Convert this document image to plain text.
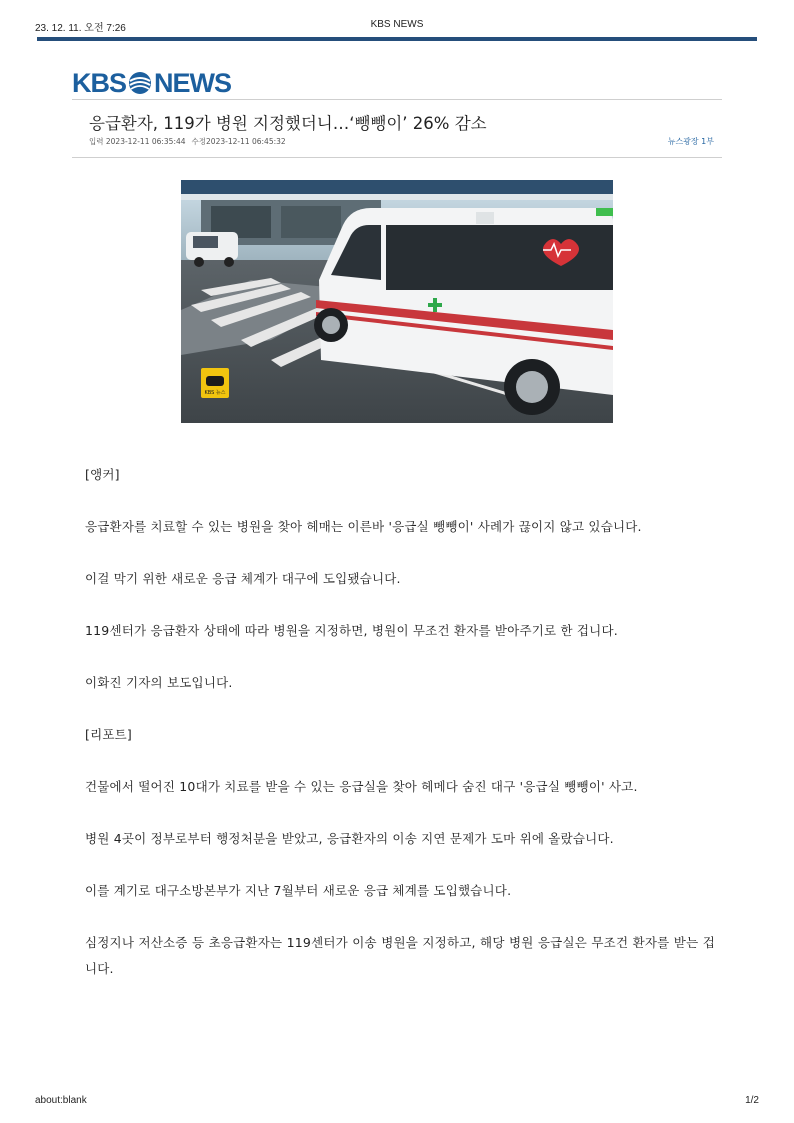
23. 12. 11. 오전 7:26	KBS NEWS
KBS NEWS
응급환자, 119가 병원 지정했더니…‘뺑뺑이’ 26% 감소
입력 2023-12-11 06:35:44 수정2023-12-11 06:45:32	뉴스광장 1부
KBS 뉴스

[앵커]

응급환자를 치료할 수 있는 병원을 찾아 헤매는 이른바 '응급실 뺑뺑이' 사례가 끊이지 않고 있습니다.

이걸 막기 위한 새로운 응급 체계가 대구에 도입됐습니다.

119센터가 응급환자 상태에 따라 병원을 지정하면, 병원이 무조건 환자를 받아주기로 한 겁니다.

이화진 기자의 보도입니다.

[리포트]

건물에서 떨어진 10대가 치료를 받을 수 있는 응급실을 찾아 헤메다 숨진 대구 '응급실 뺑뺑이' 사고.

병원 4곳이 정부로부터 행정처분을 받았고, 응급환자의 이송 지연 문제가 도마 위에 올랐습니다.

이를 계기로 대구소방본부가 지난 7월부터 새로운 응급 체계를 도입했습니다.

심정지나 저산소증 등 초응급환자는 119센터가 이송 병원을 지정하고, 해당 병원 응급실은 무조건 환자를 받는 겁니다.

about:blank	1/2
